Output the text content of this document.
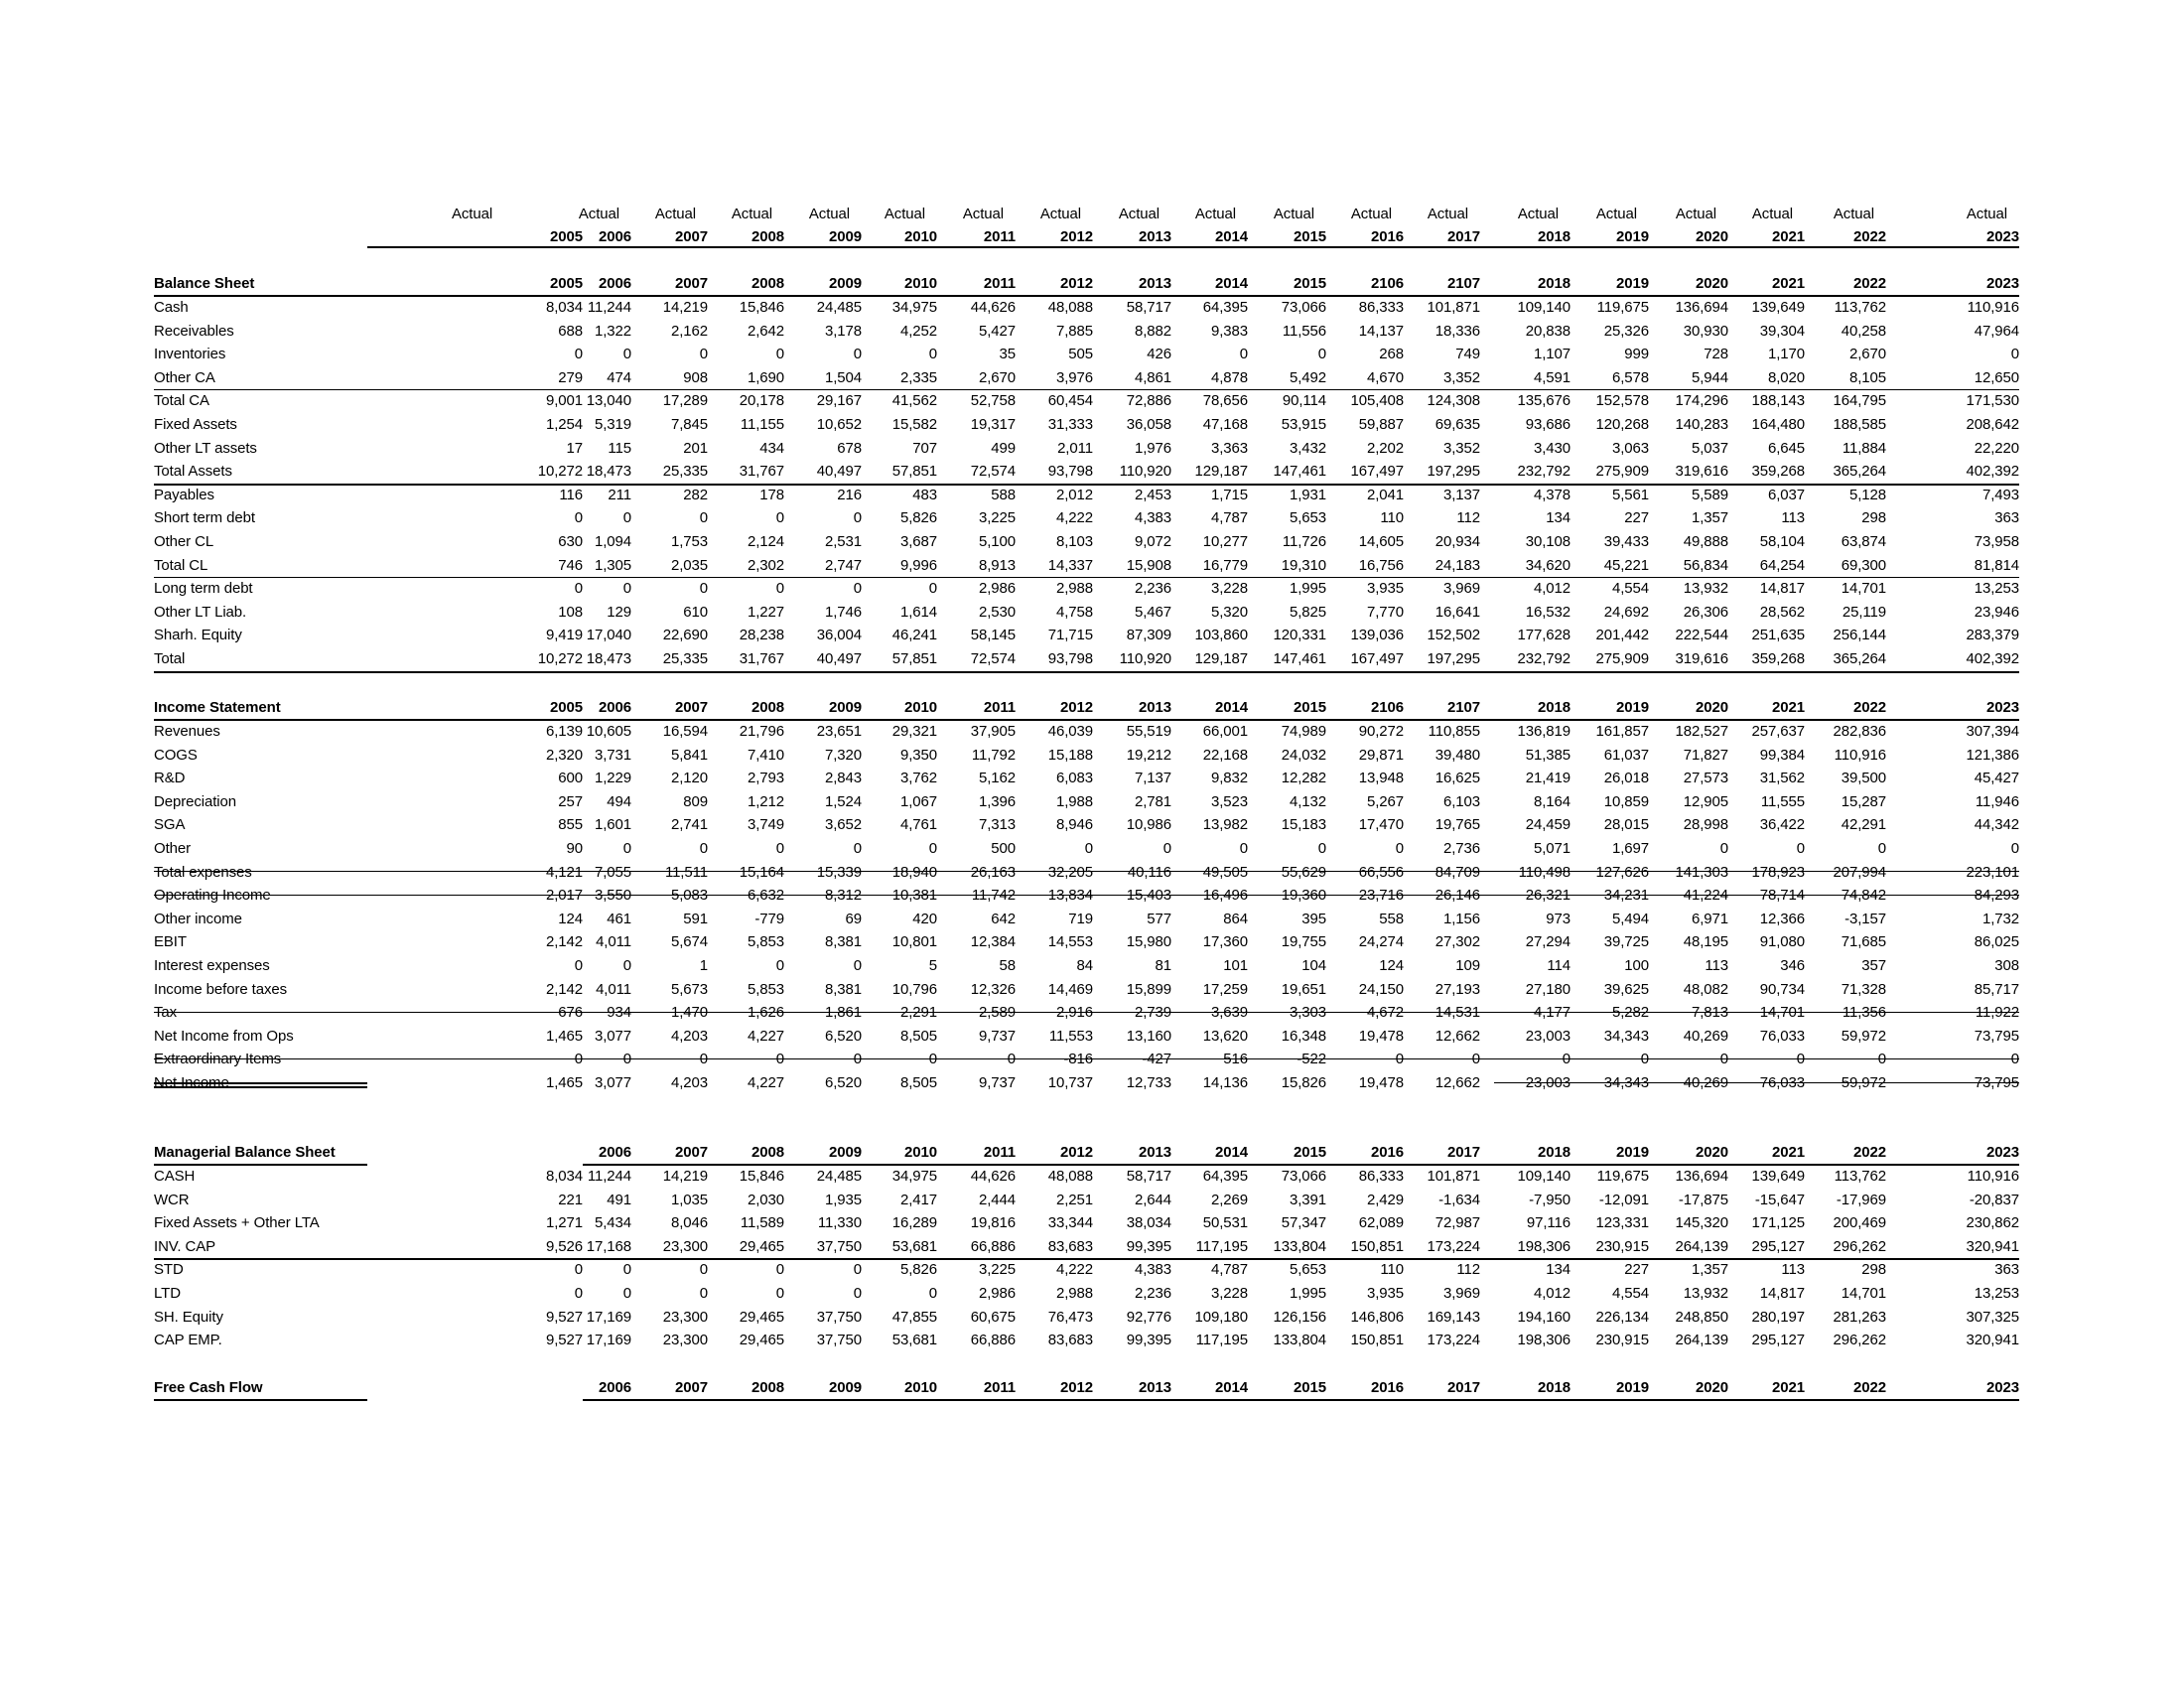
Actual	Actual	Actual	Actual	Actual	Actual	Actual	Actual	Actual	Actual	Actual	Actual	Actual	Actual	Actual	Actual	Actual	Actual	Actual
2005	2006	2007	2008	2009	2010	2011	2012	2013	2014	2015	2016	2017	2018	2019	2020	2021	2022	2023
Balance Sheet	2005	2006	2007	2008	2009	2010	2011	2012	2013	2014	2015	2106	2107	2018	2019	2020	2021	2022	2023
Cash	8,034 11,244	14,219	15,846	24,485	34,975	44,626	48,088	58,717	64,395	73,066	86,333	101,871	109,140	119,675	136,694	139,649	113,762	110,916
Receivables	688 1,322	2,162	2,642	3,178	4,252	5,427	7,885	8,882	9,383	11,556	14,137	18,336	20,838	25,326	30,930	39,304	40,258	47,964
Inventories	0	0	0	0	0	0	35	505	426	0	0	268	749	1,107	999	728	1,170	2,670	0
Other CA	279	474	908	1,690	1,504	2,335	2,670	3,976	4,861	4,878	5,492	4,670	3,352	4,591	6,578	5,944	8,020	8,105	12,650
Total CA	9,001 13,040	17,289	20,178	29,167	41,562	52,758	60,454	72,886	78,656	90,114	105,408	124,308	135,676	152,578	174,296	188,143	164,795	171,530
Fixed Assets	1,254 5,319	7,845	11,155	10,652	15,582	19,317	31,333	36,058	47,168	53,915	59,887	69,635	93,686	120,268	140,283	164,480	188,585	208,642
Other LT assets	17	115	201	434	678	707	499	2,011	1,976	3,363	3,432	2,202	3,352	3,430	3,063	5,037	6,645	11,884	22,220
Total Assets	10,272 18,473	25,335	31,767	40,497	57,851	72,574	93,798	110,920	129,187	147,461	167,497	197,295	232,792	275,909	319,616	359,268	365,264	402,392
Payables	116	211	282	178	216	483	588	2,012	2,453	1,715	1,931	2,041	3,137	4,378	5,561	5,589	6,037	5,128	7,493
Short term debt	0	0	0	0	0	5,826	3,225	4,222	4,383	4,787	5,653	110	112	134	227	1,357	113	298	363
Other CL	630 1,094	1,753	2,124	2,531	3,687	5,100	8,103	9,072	10,277	11,726	14,605	20,934	30,108	39,433	49,888	58,104	63,874	73,958
Total CL	746 1,305	2,035	2,302	2,747	9,996	8,913	14,337	15,908	16,779	19,310	16,756	24,183	34,620	45,221	56,834	64,254	69,300	81,814
Long term debt	0	0	0	0	0	0	2,986	2,988	2,236	3,228	1,995	3,935	3,969	4,012	4,554	13,932	14,817	14,701	13,253
Other LT Liab.	108	129	610	1,227	1,746	1,614	2,530	4,758	5,467	5,320	5,825	7,770	16,641	16,532	24,692	26,306	28,562	25,119	23,946
Sharh. Equity	9,419 17,040	22,690	28,238	36,004	46,241	58,145	71,715	87,309	103,860	120,331	139,036	152,502	177,628	201,442	222,544	251,635	256,144	283,379
Total	10,272 18,473	25,335	31,767	40,497	57,851	72,574	93,798	110,920	129,187	147,461	167,497	197,295	232,792	275,909	319,616	359,268	365,264	402,392
Income Statement	2005	2006	2007	2008	2009	2010	2011	2012	2013	2014	2015	2106	2107	2018	2019	2020	2021	2022	2023
Revenues	6,139 10,605	16,594	21,796	23,651	29,321	37,905	46,039	55,519	66,001	74,989	90,272	110,855	136,819	161,857	182,527	257,637	282,836	307,394
COGS	2,320 3,731	5,841	7,410	7,320	9,350	11,792	15,188	19,212	22,168	24,032	29,871	39,480	51,385	61,037	71,827	99,384	110,916	121,386
R&D	600 1,229	2,120	2,793	2,843	3,762	5,162	6,083	7,137	9,832	12,282	13,948	16,625	21,419	26,018	27,573	31,562	39,500	45,427
Depreciation	257	494	809	1,212	1,524	1,067	1,396	1,988	2,781	3,523	4,132	5,267	6,103	8,164	10,859	12,905	11,555	15,287	11,946
SGA	855 1,601	2,741	3,749	3,652	4,761	7,313	8,946	10,986	13,982	15,183	17,470	19,765	24,459	28,015	28,998	36,422	42,291	44,342
Other	90	0	0	0	0	0	500	0	0	0	0	0	2,736	5,071	1,697	0	0	0	0
Total expenses	4,121 7,055	11,511	15,164	15,339	18,940	26,163	32,205	40,116	49,505	55,629	66,556	84,709	110,498	127,626	141,303	178,923	207,994	223,101
Operating Income	2,017 3,550	5,083	6,632	8,312	10,381	11,742	13,834	15,403	16,496	19,360	23,716	26,146	26,321	34,231	41,224	78,714	74,842	84,293
Other income	124	461	591	-779	69	420	642	719	577	864	395	558	1,156	973	5,494	6,971	12,366	-3,157	1,732
EBIT	2,142 4,011	5,674	5,853	8,381	10,801	12,384	14,553	15,980	17,360	19,755	24,274	27,302	27,294	39,725	48,195	91,080	71,685	86,025
Interest expenses	0	0	1	0	0	5	58	84	81	101	104	124	109	114	100	113	346	357	308
Income before taxes	2,142 4,011	5,673	5,853	8,381	10,796	12,326	14,469	15,899	17,259	19,651	24,150	27,193	27,180	39,625	48,082	90,734	71,328	85,717
Tax	676	934	1,470	1,626	1,861	2,291	2,589	2,916	2,739	3,639	3,303	4,672	14,531	4,177	5,282	7,813	14,701	11,356	11,922
Net Income from Ops	1,465 3,077	4,203	4,227	6,520	8,505	9,737	11,553	13,160	13,620	16,348	19,478	12,662	23,003	34,343	40,269	76,033	59,972	73,795
Extraordinary Items	0	0	0	0	0	0	0	-816	-427	516	-522	0	0	0	0	0	0	0	0
Net Income	1,465 3,077	4,203	4,227	6,520	8,505	9,737	10,737	12,733	14,136	15,826	19,478	12,662	23,003	34,343	40,269	76,033	59,972	73,795
Managerial Balance Sheet	2006	2007	2008	2009	2010	2011	2012	2013	2014	2015	2016	2017	2018	2019	2020	2021	2022	2023
CASH	8,034 11,244	14,219	15,846	24,485	34,975	44,626	48,088	58,717	64,395	73,066	86,333	101,871	109,140	119,675	136,694	139,649	113,762	110,916
WCR	221	491	1,035	2,030	1,935	2,417	2,444	2,251	2,644	2,269	3,391	2,429	-1,634	-7,950	-12,091	-17,875	-15,647	-17,969	-20,837
Fixed Assets + Other LTA	1,271 5,434	8,046	11,589	11,330	16,289	19,816	33,344	38,034	50,531	57,347	62,089	72,987	97,116	123,331	145,320	171,125	200,469	230,862
INV. CAP	9,526 17,168	23,300	29,465	37,750	53,681	66,886	83,683	99,395	117,195	133,804	150,851	173,224	198,306	230,915	264,139	295,127	296,262	320,941
STD	0	0	0	0	0	5,826	3,225	4,222	4,383	4,787	5,653	110	112	134	227	1,357	113	298	363
LTD	0	0	0	0	0	0	2,986	2,988	2,236	3,228	1,995	3,935	3,969	4,012	4,554	13,932	14,817	14,701	13,253
SH. Equity	9,527 17,169	23,300	29,465	37,750	47,855	60,675	76,473	92,776	109,180	126,156	146,806	169,143	194,160	226,134	248,850	280,197	281,263	307,325
CAP EMP.	9,527 17,169	23,300	29,465	37,750	53,681	66,886	83,683	99,395	117,195	133,804	150,851	173,224	198,306	230,915	264,139	295,127	296,262	320,941
Free Cash Flow	2006	2007	2008	2009	2010	2011	2012	2013	2014	2015	2016	2017	2018	2019	2020	2021	2022	2023
